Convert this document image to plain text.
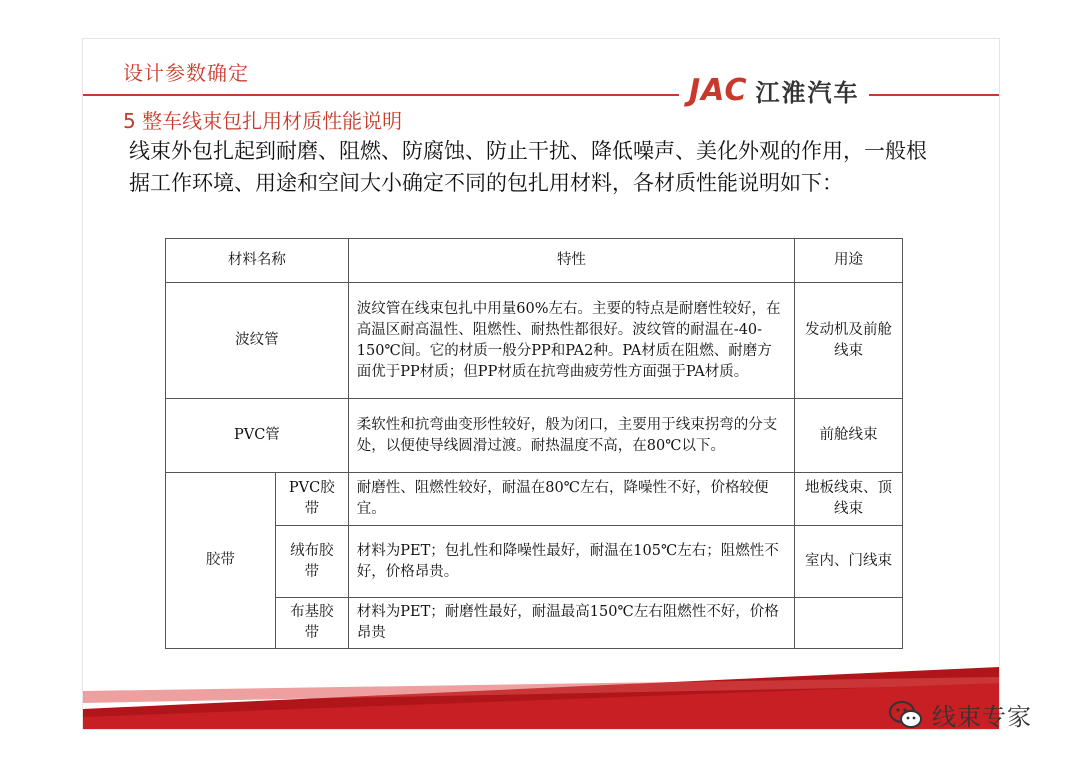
设计参数确定	JAC 江淮汽车
5 整车线束包扎用材质性能说明
线束外包扎起到耐磨、阻燃、防腐蚀、防止干扰、降低噪声、美化外观的作用，一般根据工作环境、用途和空间大小确定不同的包扎用材料，各材质性能说明如下：
材料名称		特性	用途
波纹管		波纹管在线束包扎中用量60%左右。主要的特点是耐磨性较好，在高温区耐高温性、阻燃性、耐热性都很好。波纹管的耐温在-40-150℃间。它的材质一般分PP和PA2种。PA材质在阻燃、耐磨方面优于PP材质；但PP材质在抗弯曲疲劳性方面强于PA材质。	发动机及前舱线束
PVC管		柔软性和抗弯曲变形性较好，般为闭口，主要用于线束拐弯的分支处，以便使导线圆滑过渡。耐热温度不高，在80℃以下。	前舱线束
胶带	PVC胶带	耐磨性、阻燃性较好，耐温在80℃左右，降噪性不好，价格较便宜。	地板线束、顶线束
	绒布胶带	材料为PET；包扎性和降噪性最好，耐温在105℃左右；阻燃性不好，价格昂贵。	室内、门线束
	布基胶带	材料为PET；耐磨性最好，耐温最高150℃左右阻燃性不好，价格昂贵	
线束专家
